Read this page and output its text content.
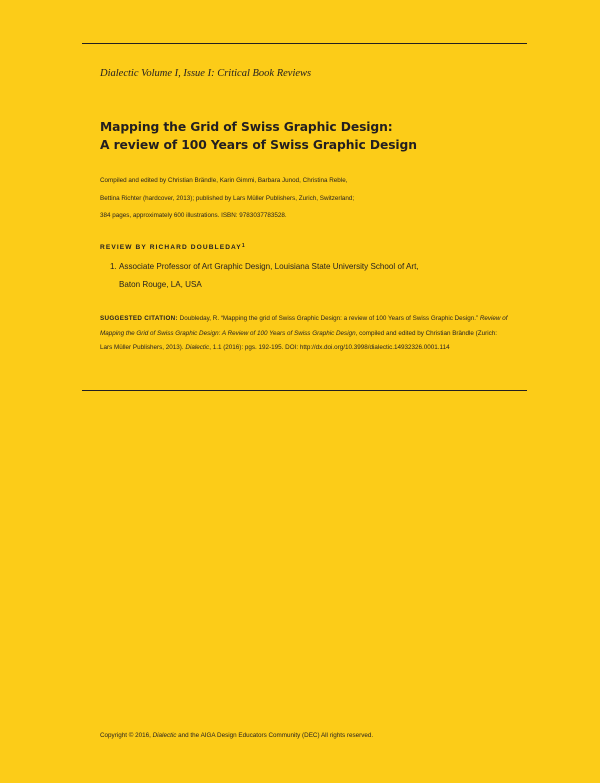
Dialectic Volume I, Issue I: Critical Book Reviews
Mapping the Grid of Swiss Graphic Design:
A review of 100 Years of Swiss Graphic Design
Compiled and edited by Christian Brändle, Karin Gimmi, Barbara Junod, Christina Reble,
Bettina Richter (hardcover, 2013); published by Lars Müller Publishers, Zurich, Switzerland;
384 pages, approximately 600 illustrations. ISBN: 9783037783528.
REVIEW BY RICHARD DOUBLEDAY$^1$
1. Associate Professor of Art Graphic Design, Louisiana State University School of Art,
Baton Rouge, LA, USA
SUGGESTED CITATION: Doubleday, R. “Mapping the grid of Swiss Graphic Design: a review of 100 Years of Swiss Graphic Design.” Review of Mapping the Grid of Swiss Graphic Design: A Review of 100 Years of Swiss Graphic Design, compiled and edited by Christian Brändle (Zurich: Lars Müller Publishers, 2013). Dialectic, 1.1 (2016): pgs. 192-195. DOI: http://dx.doi.org/10.3998/dialectic.14932326.0001.114
Copyright © 2016, Dialectic and the AIGA Design Educators Community (DEC) All rights reserved.
